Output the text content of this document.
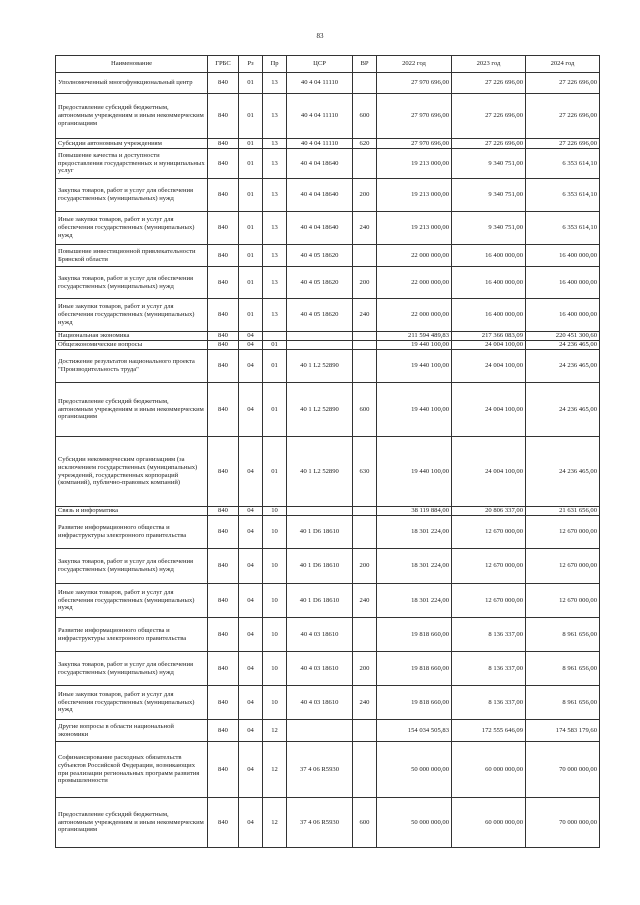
83
Наименование	ГРБС	Рз	Пр	ЦСР	ВР	2022 год	2023 год	2024 год
Уполномоченный многофункциональный центр	840	01	13	40 4 04 11110		27 970 696,00	27 226 696,00	27 226 696,00
Предоставление субсидий бюджетным, автономным учреждениям и иным некоммерческим организациям	840	01	13	40 4 04 11110	600	27 970 696,00	27 226 696,00	27 226 696,00
Субсидии автономным учреждениям	840	01	13	40 4 04 11110	620	27 970 696,00	27 226 696,00	27 226 696,00
Повышение качества и доступности предоставления государственных и муниципальных услуг	840	01	13	40 4 04 18640		19 213 000,00	9 340 751,00	6 353 614,10
Закупка товаров, работ и услуг для обеспечения государственных (муниципальных) нужд	840	01	13	40 4 04 18640	200	19 213 000,00	9 340 751,00	6 353 614,10
Иные закупки товаров, работ и услуг для обеспечения государственных (муниципальных) нужд	840	01	13	40 4 04 18640	240	19 213 000,00	9 340 751,00	6 353 614,10
Повышение инвестиционной привлекательности Брянской области	840	01	13	40 4 05 18620		22 000 000,00	16 400 000,00	16 400 000,00
Закупка товаров, работ и услуг для обеспечения государственных (муниципальных) нужд	840	01	13	40 4 05 18620	200	22 000 000,00	16 400 000,00	16 400 000,00
Иные закупки товаров, работ и услуг для обеспечения государственных (муниципальных) нужд	840	01	13	40 4 05 18620	240	22 000 000,00	16 400 000,00	16 400 000,00
Национальная экономика	840	04				211 594 489,83	217 366 083,09	220 451 300,60
Общеэкономические вопросы	840	04	01			19 440 100,00	24 004 100,00	24 236 465,00
Достижение результатов национального проекта "Производительность труда"	840	04	01	40 1 L2 52890		19 440 100,00	24 004 100,00	24 236 465,00
Предоставление субсидий бюджетным, автономным учреждениям и иным некоммерческим организациям	840	04	01	40 1 L2 52890	600	19 440 100,00	24 004 100,00	24 236 465,00
Субсидии некоммерческим организациям (за исключением государственных (муниципальных) учреждений, государственных корпораций (компаний), публично-правовых компаний)	840	04	01	40 1 L2 52890	630	19 440 100,00	24 004 100,00	24 236 465,00
Связь и информатика	840	04	10			38 119 884,00	20 806 337,00	21 631 656,00
Развитие информационного общества и инфраструктуры электронного правительства	840	04	10	40 1 D6 18610		18 301 224,00	12 670 000,00	12 670 000,00
Закупка товаров, работ и услуг для обеспечения государственных (муниципальных) нужд	840	04	10	40 1 D6 18610	200	18 301 224,00	12 670 000,00	12 670 000,00
Иные закупки товаров, работ и услуг для обеспечения государственных (муниципальных) нужд	840	04	10	40 1 D6 18610	240	18 301 224,00	12 670 000,00	12 670 000,00
Развитие информационного общества и инфраструктуры электронного правительства	840	04	10	40 4 03 18610		19 818 660,00	8 136 337,00	8 961 656,00
Закупка товаров, работ и услуг для обеспечения государственных (муниципальных) нужд	840	04	10	40 4 03 18610	200	19 818 660,00	8 136 337,00	8 961 656,00
Иные закупки товаров, работ и услуг для обеспечения государственных (муниципальных) нужд	840	04	10	40 4 03 18610	240	19 818 660,00	8 136 337,00	8 961 656,00
Другие вопросы в области национальной экономики	840	04	12			154 034 505,83	172 555 646,09	174 583 179,60
Софинансирование расходных обязательств субъектов Российской Федерации, возникающих при реализации региональных программ развития промышленности	840	04	12	37 4 06 R5930		50 000 000,00	60 000 000,00	70 000 000,00
Предоставление субсидий бюджетным, автономным учреждениям и иным некоммерческим организациям	840	04	12	37 4 06 R5930	600	50 000 000,00	60 000 000,00	70 000 000,00
